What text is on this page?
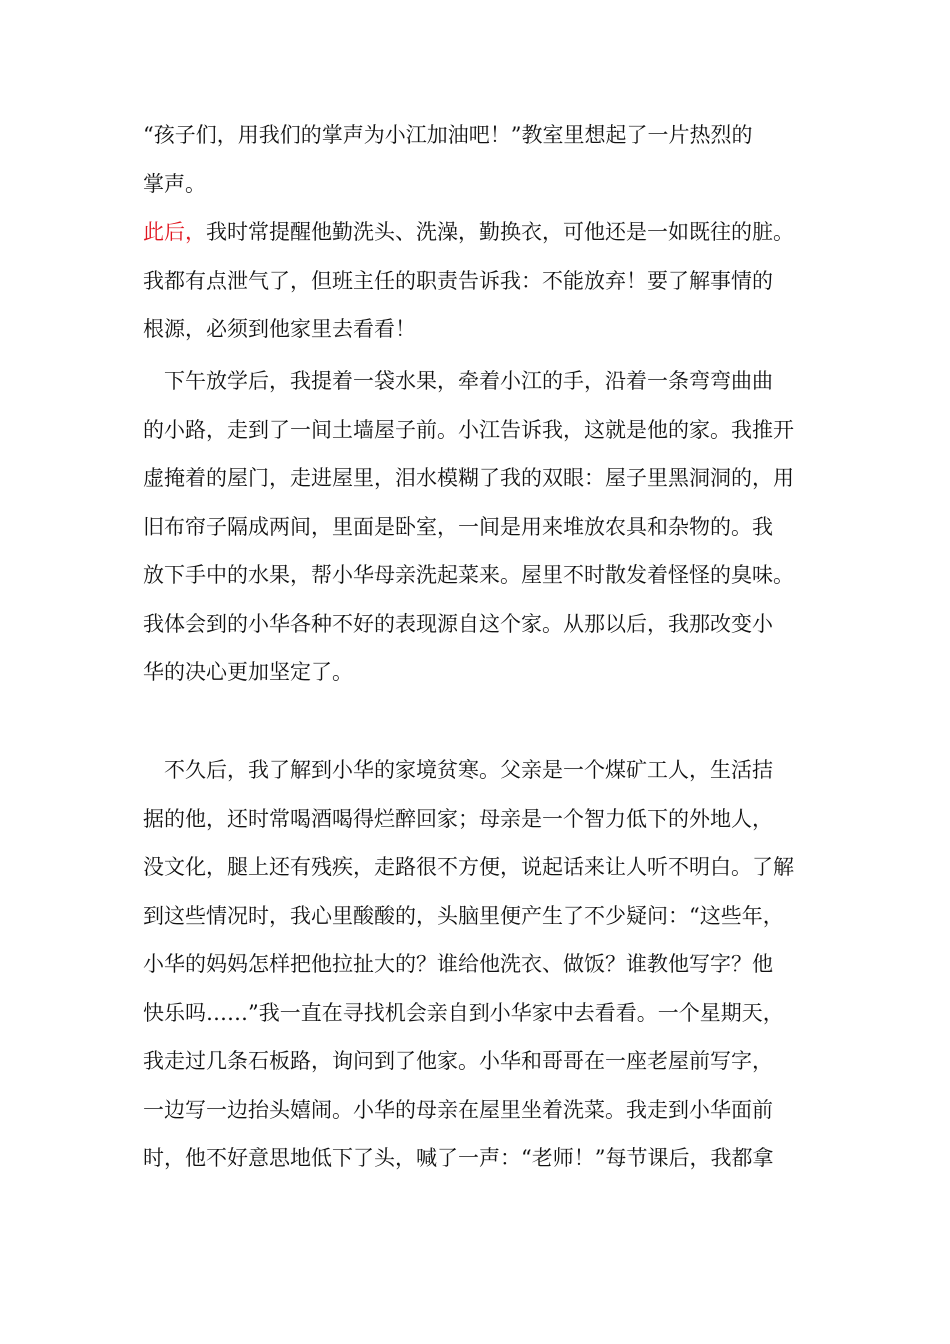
“孩子们，用我们的掌声为小江加油吧！”教室里想起了一片热烈的
掌声。
此后，我时常提醒他勤洗头、洗澡，勤换衣，可他还是一如既往的脏。
我都有点泄气了，但班主任的职责告诉我：不能放弃！要了解事情的
根源，必须到他家里去看看！
　下午放学后，我提着一袋水果，牵着小江的手，沿着一条弯弯曲曲
的小路，走到了一间土墙屋子前。小江告诉我，这就是他的家。我推开
虚掩着的屋门，走进屋里，泪水模糊了我的双眼：屋子里黑洞洞的，用
旧布帘子隔成两间，里面是卧室，一间是用来堆放农具和杂物的。我
放下手中的水果，帮小华母亲洗起菜来。屋里不时散发着怪怪的臭味。
我体会到的小华各种不好的表现源自这个家。从那以后，我那改变小
华的决心更加坚定了。
　不久后，我了解到小华的家境贫寒。父亲是一个煤矿工人，生活拮
据的他，还时常喝酒喝得烂醉回家；母亲是一个智力低下的外地人，
没文化，腿上还有残疾，走路很不方便，说起话来让人听不明白。了解
到这些情况时，我心里酸酸的，头脑里便产生了不少疑问：“这些年，
小华的妈妈怎样把他拉扯大的？谁给他洗衣、做饭？谁教他写字？他
快乐吗……”我一直在寻找机会亲自到小华家中去看看。一个星期天，
我走过几条石板路，询问到了他家。小华和哥哥在一座老屋前写字，
一边写一边抬头嬉闹。小华的母亲在屋里坐着洗菜。我走到小华面前
时，他不好意思地低下了头，喊了一声：“老师！”每节课后，我都拿
